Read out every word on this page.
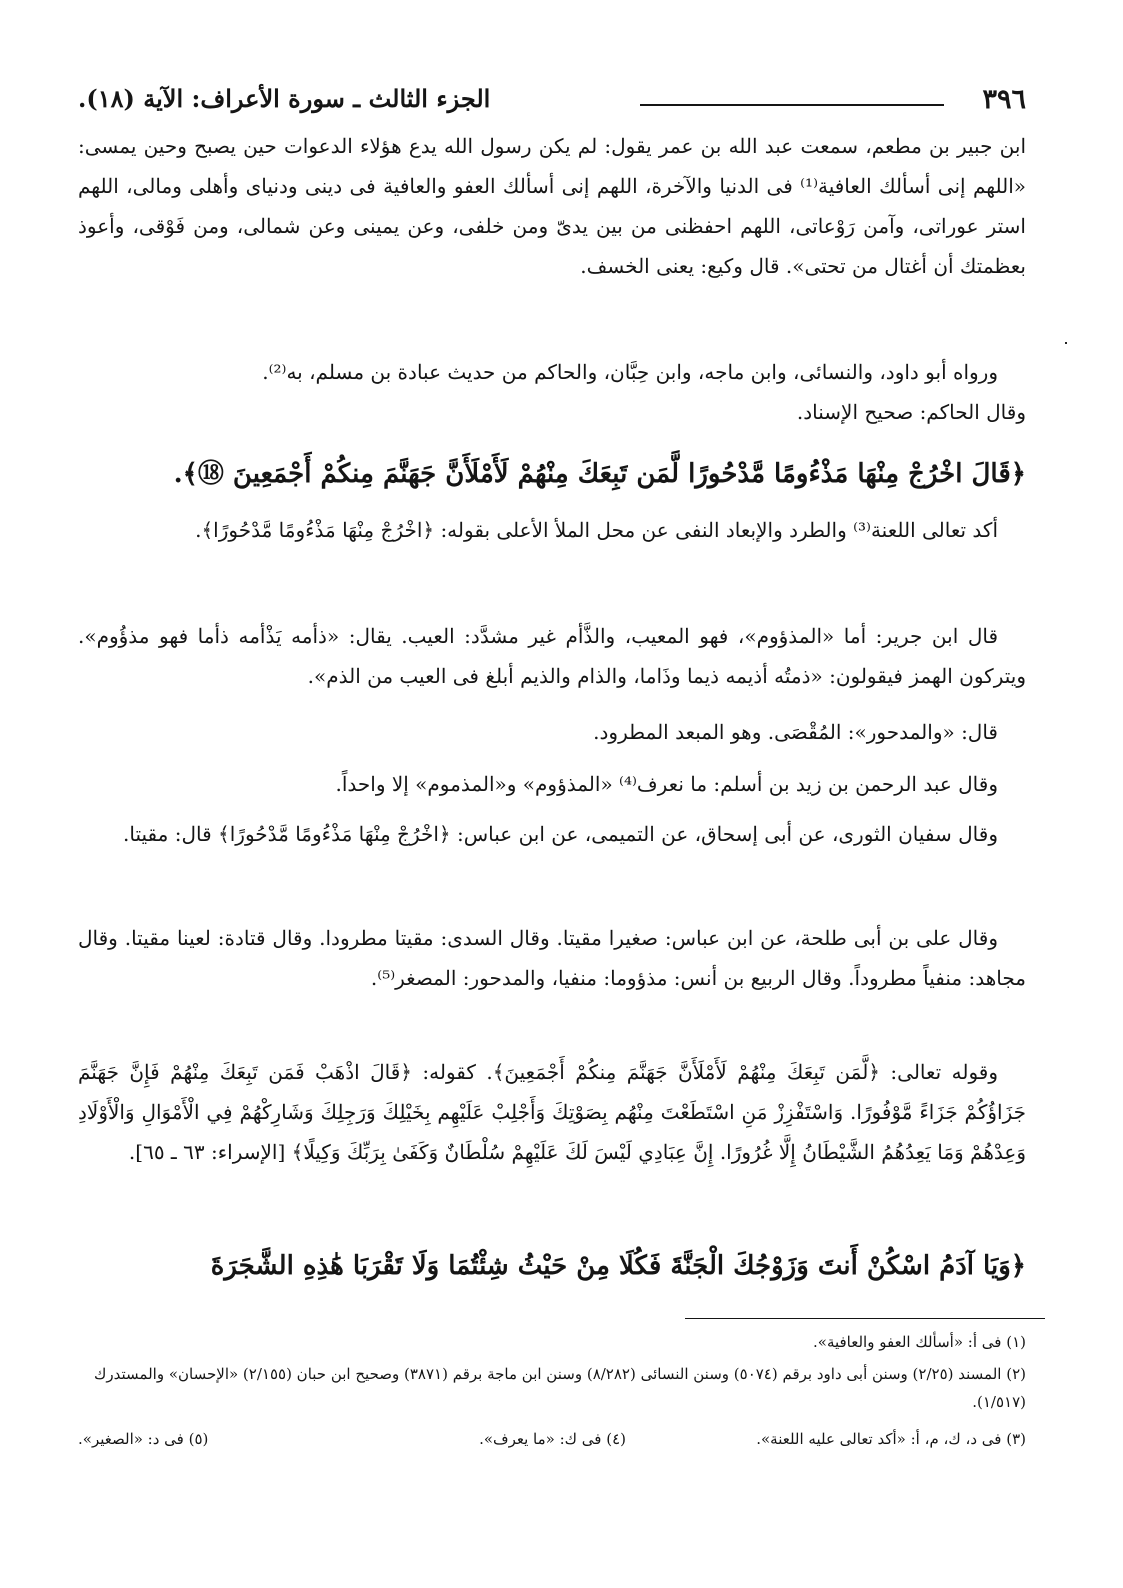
٣٩٦
الجزء الثالث ـ سورة الأعراف: الآية (١٨).
ابن جبير بن مطعم، سمعت عبد الله بن عمر يقول: لم يكن رسول الله يدع هؤلاء الدعوات حين يصبح وحين يمسى: «اللهم إنى أسألك العافية⁽¹⁾ فى الدنيا والآخرة، اللهم إنى أسألك العفو والعافية فى دينى ودنياى وأهلى ومالى، اللهم استر عوراتى، وآمن رَوْعاتى، اللهم احفظنى من بين يدىّ ومن خلفى، وعن يمينى وعن شمالى، ومن فَوْقى، وأعوذ بعظمتك أن أغتال من تحتى». قال وكيع: يعنى الخسف.
ورواه أبو داود، والنسائى، وابن ماجه، وابن حِبَّان، والحاكم من حديث عبادة بن مسلم، به⁽²⁾.
وقال الحاكم: صحيح الإسناد.
﴿قَالَ اخْرُجْ مِنْهَا مَذْءُومًا مَّدْحُورًا لَّمَن تَبِعَكَ مِنْهُمْ لَأَمْلَأَنَّ جَهَنَّمَ مِنكُمْ أَجْمَعِينَ ⑱﴾.
أكد تعالى اللعنة⁽³⁾ والطرد والإبعاد النفى عن محل الملأ الأعلى بقوله: ﴿اخْرُجْ مِنْهَا مَذْءُومًا مَّدْحُورًا﴾.
قال ابن جرير: أما «المذؤوم»، فهو المعيب، والذَّأم غير مشدَّد: العيب. يقال: «ذأمه يَذْأمه ذأما فهو مذؤُوم». ويتركون الهمز فيقولون: «ذمتُه أذيمه ذيما وذَاما، والذام والذيم أبلغ فى العيب من الذم».
قال: «والمدحور»: المُقْصَى. وهو المبعد المطرود.
وقال عبد الرحمن بن زيد بن أسلم: ما نعرف⁽⁴⁾ «المذؤوم» و«المذموم» إلا واحداً.
وقال سفيان الثورى، عن أبى إسحاق، عن التميمى، عن ابن عباس: ﴿اخْرُجْ مِنْهَا مَذْءُومًا مَّدْحُورًا﴾ قال: مقيتا.
وقال على بن أبى طلحة، عن ابن عباس: صغيرا مقيتا. وقال السدى: مقيتا مطرودا. وقال قتادة: لعينا مقيتا. وقال مجاهد: منفياً مطروداً. وقال الربيع بن أنس: مذؤوما: منفيا، والمدحور: المصغر⁽⁵⁾.
وقوله تعالى: ﴿لَّمَن تَبِعَكَ مِنْهُمْ لَأَمْلَأَنَّ جَهَنَّمَ مِنكُمْ أَجْمَعِينَ﴾. كقوله: ﴿قَالَ اذْهَبْ فَمَن تَبِعَكَ مِنْهُمْ فَإِنَّ جَهَنَّمَ جَزَاؤُكُمْ جَزَاءً مَّوْفُورًا. وَاسْتَفْزِزْ مَنِ اسْتَطَعْتَ مِنْهُم بِصَوْتِكَ وَأَجْلِبْ عَلَيْهِم بِخَيْلِكَ وَرَجِلِكَ وَشَارِكْهُمْ فِي الْأَمْوَالِ وَالْأَوْلَادِ وَعِدْهُمْ وَمَا يَعِدُهُمُ الشَّيْطَانُ إِلَّا غُرُورًا. إِنَّ عِبَادِي لَيْسَ لَكَ عَلَيْهِمْ سُلْطَانٌ وَكَفَىٰ بِرَبِّكَ وَكِيلًا﴾ [الإسراء: ٦٣ ـ ٦٥].
﴿وَيَا آدَمُ اسْكُنْ أَنتَ وَزَوْجُكَ الْجَنَّةَ فَكُلَا مِنْ حَيْثُ شِئْتُمَا وَلَا تَقْرَبَا هَٰذِهِ الشَّجَرَةَ
(١) فى أ: «أسألك العفو والعافية».
(٢) المسند (٢/٢٥) وسنن أبى داود برقم (٥٠٧٤) وسنن النسائى (٨/٢٨٢) وسنن ابن ماجة برقم (٣٨٧١) وصحيح ابن حبان (٢/١٥٥) «الإحسان» والمستدرك (١/٥١٧).
(٣) فى د، ك، م، أ: «أكد تعالى عليه اللعنة».
(٤) فى ك: «ما يعرف».
(٥) فى د: «الصغير».
